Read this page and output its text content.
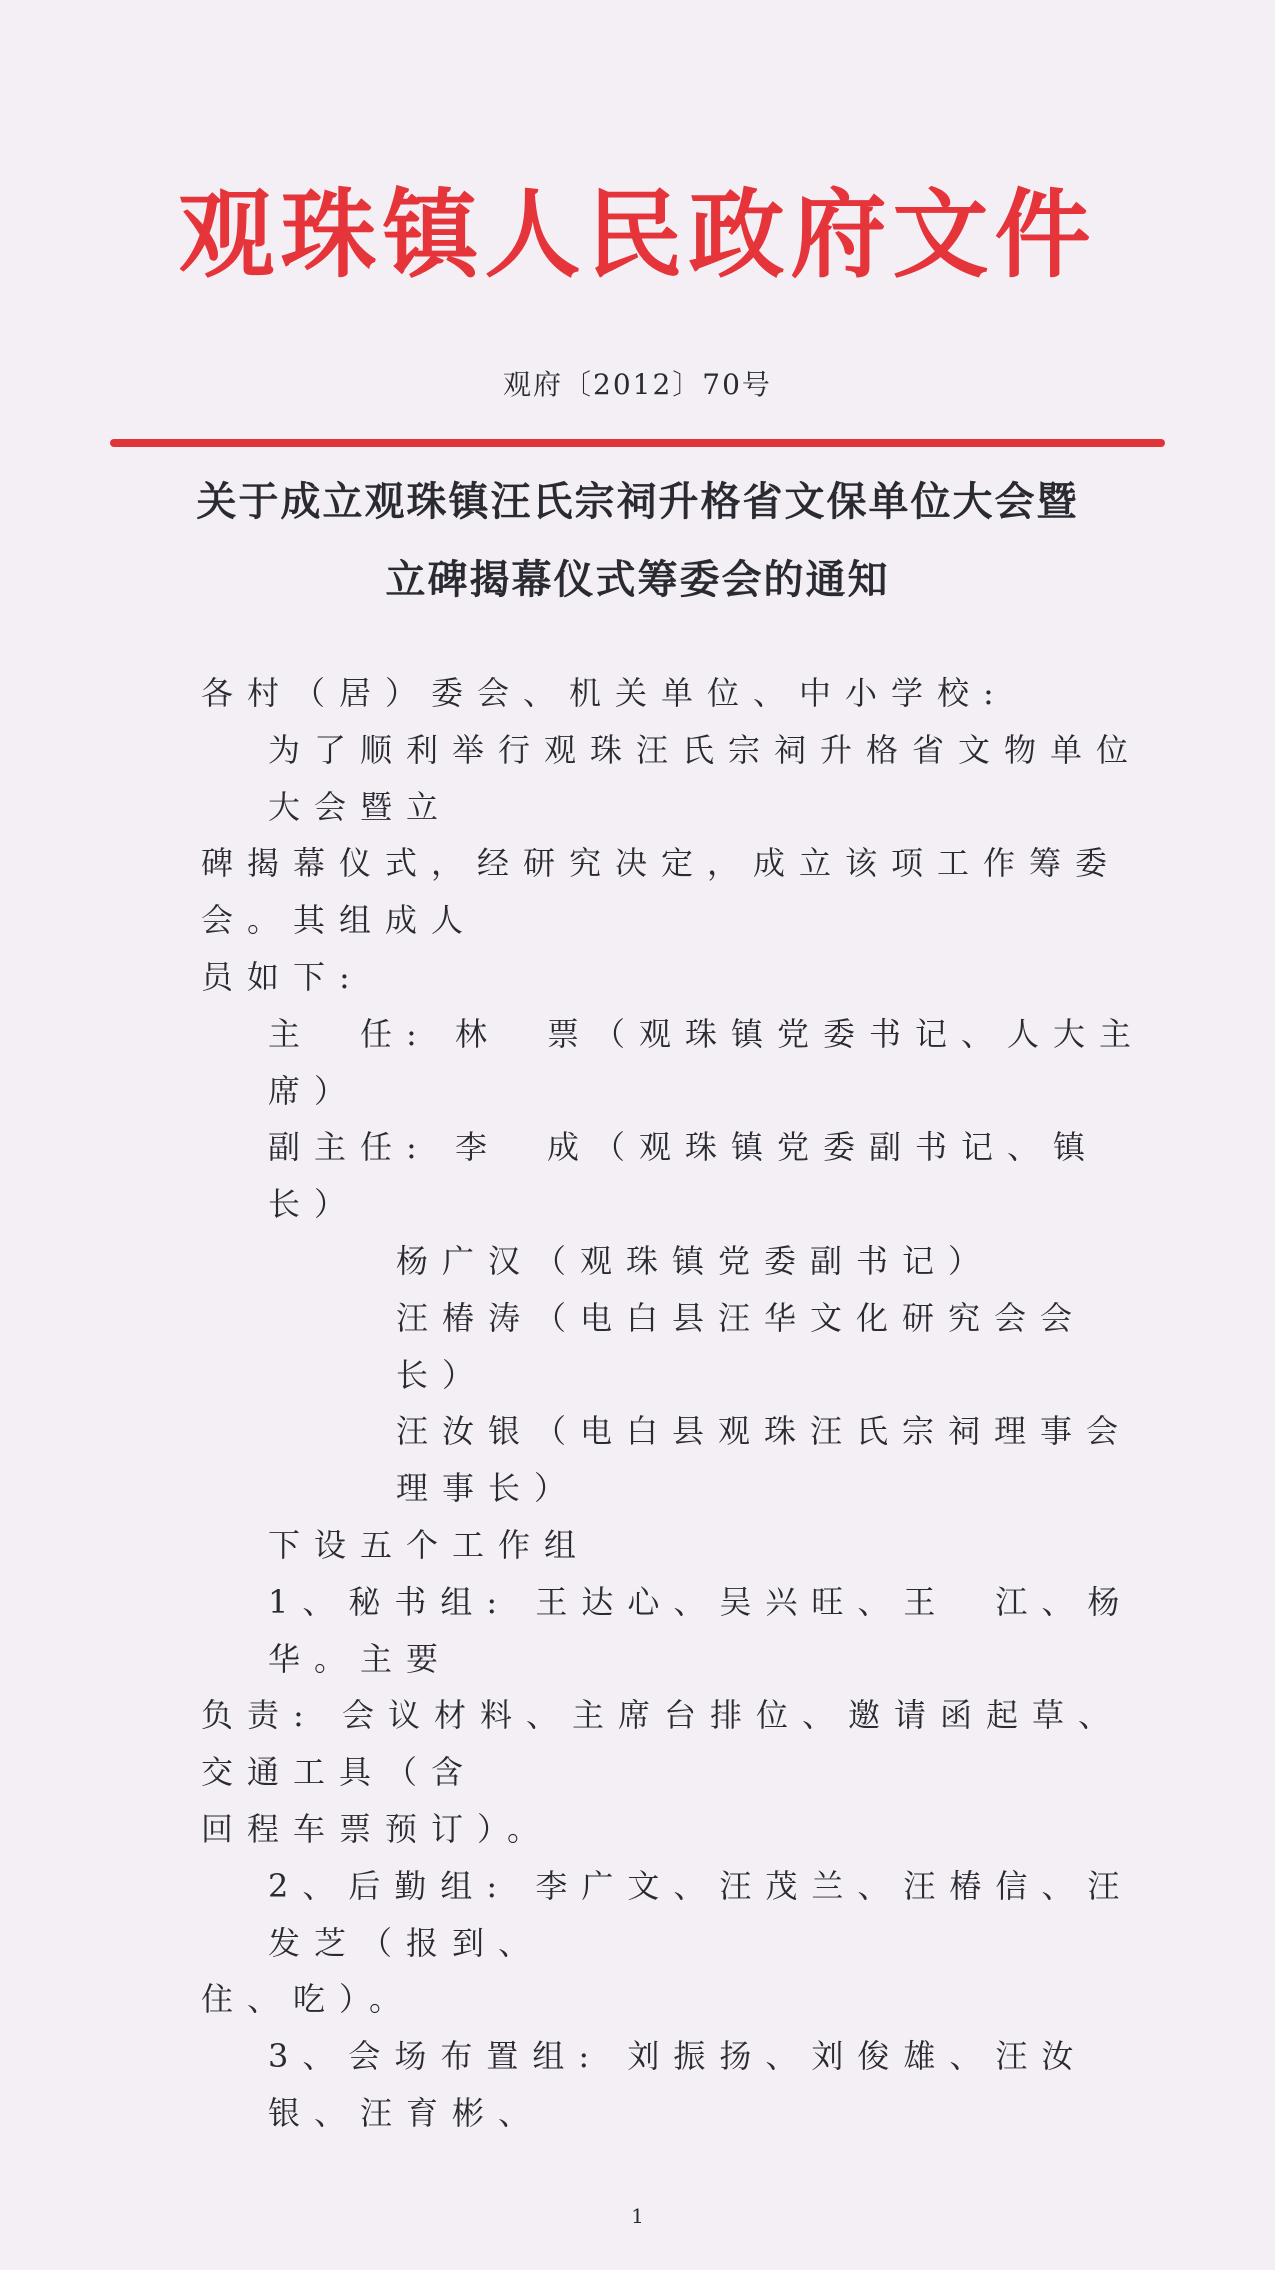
观珠镇人民政府文件
观府〔2012〕70号
关于成立观珠镇汪氏宗祠升格省文保单位大会暨
立碑揭幕仪式筹委会的通知
各村（居）委会、机关单位、中小学校:
为了顺利举行观珠汪氏宗祠升格省文物单位大会暨立
碑揭幕仪式，经研究决定，成立该项工作筹委会。其组成人
员如下:
主　任: 林　票（观珠镇党委书记、人大主席）
副主任: 李　成（观珠镇党委副书记、镇长）
杨广汉（观珠镇党委副书记）
汪椿涛（电白县汪华文化研究会会长）
汪汝银（电白县观珠汪氏宗祠理事会理事长）
下设五个工作组
1、秘书组: 王达心、吴兴旺、王　江、杨　华。主要
负责: 会议材料、主席台排位、邀请函起草、交通工具（含
回程车票预订）。
2、后勤组: 李广文、汪茂兰、汪椿信、汪发芝（报到、
住、吃）。
3、会场布置组: 刘振扬、刘俊雄、汪汝银、汪育彬、
1
